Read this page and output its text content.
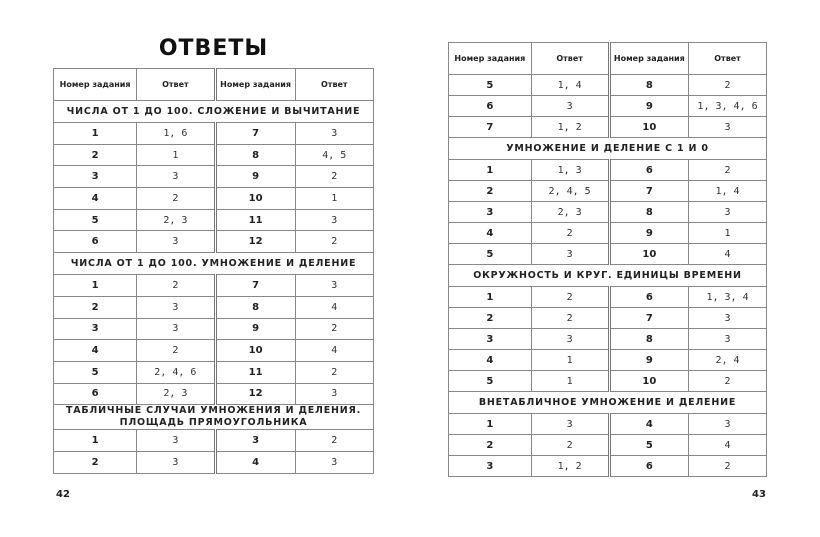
ОТВЕТЫ
Номер задания	Ответ	Номер задания	Ответ
ЧИСЛА ОТ 1 ДО 100. СЛОЖЕНИЕ И ВЫЧИТАНИЕ			
1	1, 6	7	3
2	1	8	4, 5
3	3	9	2
4	2	10	1
5	2, 3	11	3
6	3	12	2
ЧИСЛА ОТ 1 ДО 100. УМНОЖЕНИЕ И ДЕЛЕНИЕ			
1	2	7	3
2	3	8	4
3	3	9	2
4	2	10	4
5	2, 4, 6	11	2
6	2, 3	12	3
ТАБЛИЧНЫЕ СЛУЧАИ УМНОЖЕНИЯ И ДЕЛЕНИЯ. ПЛОЩАДЬ ПРЯМОУГОЛЬНИКА			
1	3	3	2
2	3	4	3
42
Номер задания	Ответ	Номер задания	Ответ
5	1, 4	8	2
6	3	9	1, 3, 4, 6
7	1, 2	10	3
УМНОЖЕНИЕ И ДЕЛЕНИЕ С 1 И 0			
1	1, 3	6	2
2	2, 4, 5	7	1, 4
3	2, 3	8	3
4	2	9	1
5	3	10	4
ОКРУЖНОСТЬ И КРУГ. ЕДИНИЦЫ ВРЕМЕНИ			
1	2	6	1, 3, 4
2	2	7	3
3	3	8	3
4	1	9	2, 4
5	1	10	2
ВНЕТАБЛИЧНОЕ УМНОЖЕНИЕ И ДЕЛЕНИЕ			
1	3	4	3
2	2	5	4
3	1, 2	6	2
43
